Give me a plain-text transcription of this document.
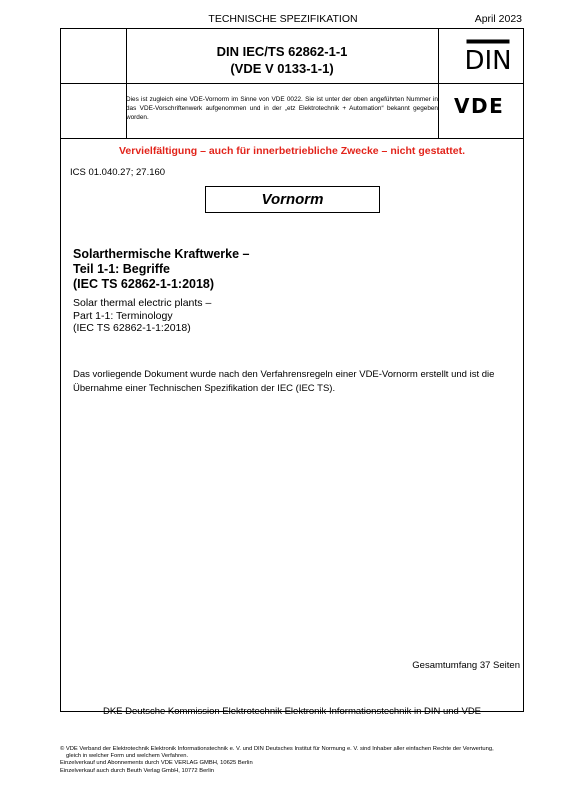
TECHNISCHE SPEZIFIKATION	April 2023
DIN IEC/TS 62862-1-1
(VDE V 0133-1-1)	DIN
Dies ist zugleich eine VDE-Vornorm im Sinne von VDE 0022. Sie ist unter der oben angeführten Nummer in das VDE-Vorschriftenwerk aufgenommen und in der „etz Elektrotechnik + Automation“ bekannt gegeben worden.	VDE
Vervielfältigung – auch für innerbetriebliche Zwecke – nicht gestattet.
ICS 01.040.27; 27.160
Vornorm
Solarthermische Kraftwerke –
Teil 1-1: Begriffe
(IEC TS 62862-1-1:2018)
Solar thermal electric plants –
Part 1-1: Terminology
(IEC TS 62862-1-1:2018)
Das vorliegende Dokument wurde nach den Verfahrensregeln einer VDE-Vornorm erstellt und ist die Übernahme einer Technischen Spezifikation der IEC (IEC TS).
Gesamtumfang 37 Seiten
DKE Deutsche Kommission Elektrotechnik Elektronik Informationstechnik in DIN und VDE
© VDE Verband der Elektrotechnik Elektronik Informationstechnik e. V. und DIN Deutsches Institut für Normung e. V. sind Inhaber aller einfachen Rechte der Verwertung,
gleich in welcher Form und welchem Verfahren.
Einzelverkauf und Abonnements durch VDE VERLAG GMBH, 10625 Berlin
Einzelverkauf auch durch Beuth Verlag GmbH, 10772 Berlin
